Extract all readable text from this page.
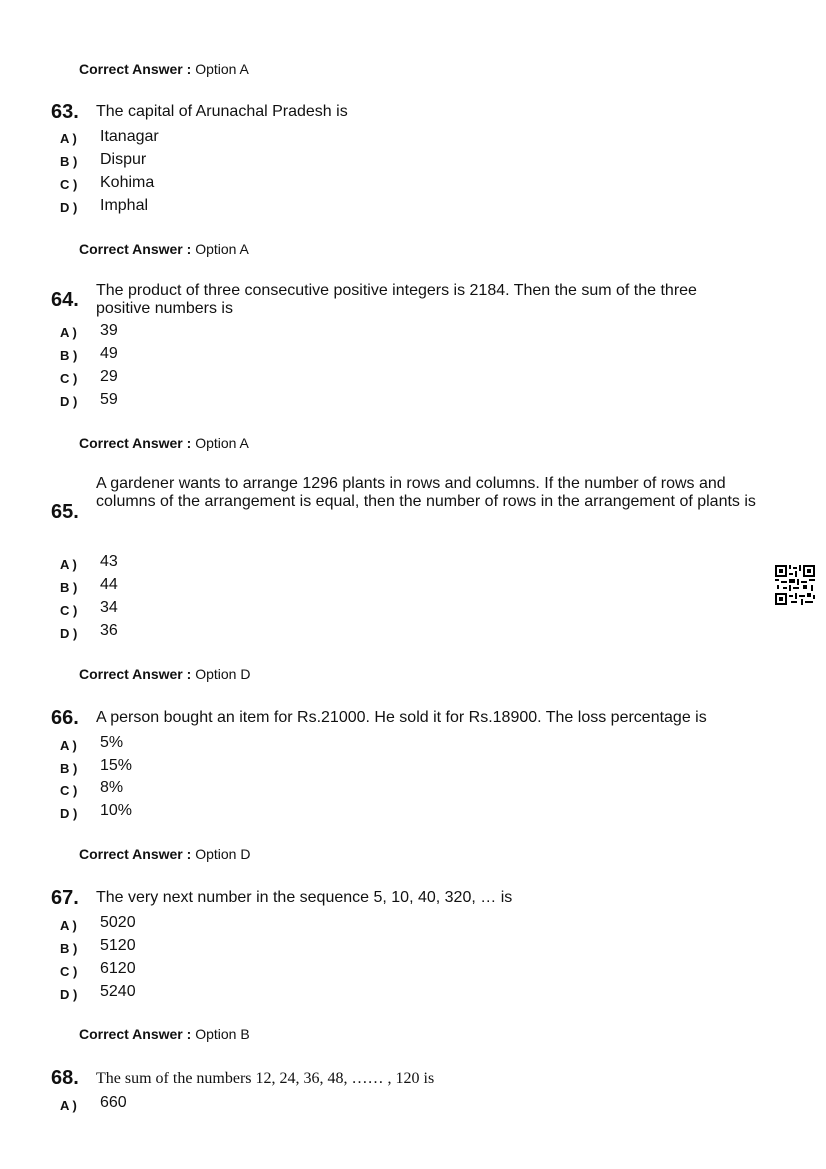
Correct Answer : Option A
63. The capital of Arunachal Pradesh is
A ) Itanagar
B ) Dispur
C ) Kohima
D ) Imphal
Correct Answer : Option A
64. The product of three consecutive positive integers is 2184. Then the sum of the three positive numbers is
A ) 39
B ) 49
C ) 29
D ) 59
Correct Answer : Option A
65.
A gardener wants to arrange 1296 plants in rows and columns. If the number of rows and columns of the arrangement is equal, then the number of rows in the arrangement of plants is
A ) 43
B ) 44
C ) 34
D ) 36
Correct Answer : Option D
66. A person bought an item for Rs.21000. He sold it for Rs.18900. The loss percentage is
A ) 5%
B ) 15%
C ) 8%
D ) 10%
Correct Answer : Option D
67. The very next number in the sequence 5, 10, 40, 320, … is
A ) 5020
B ) 5120
C ) 6120
D ) 5240
Correct Answer : Option B
68. The sum of the numbers 12, 24, 36, 48, …… , 120 is
A ) 660
